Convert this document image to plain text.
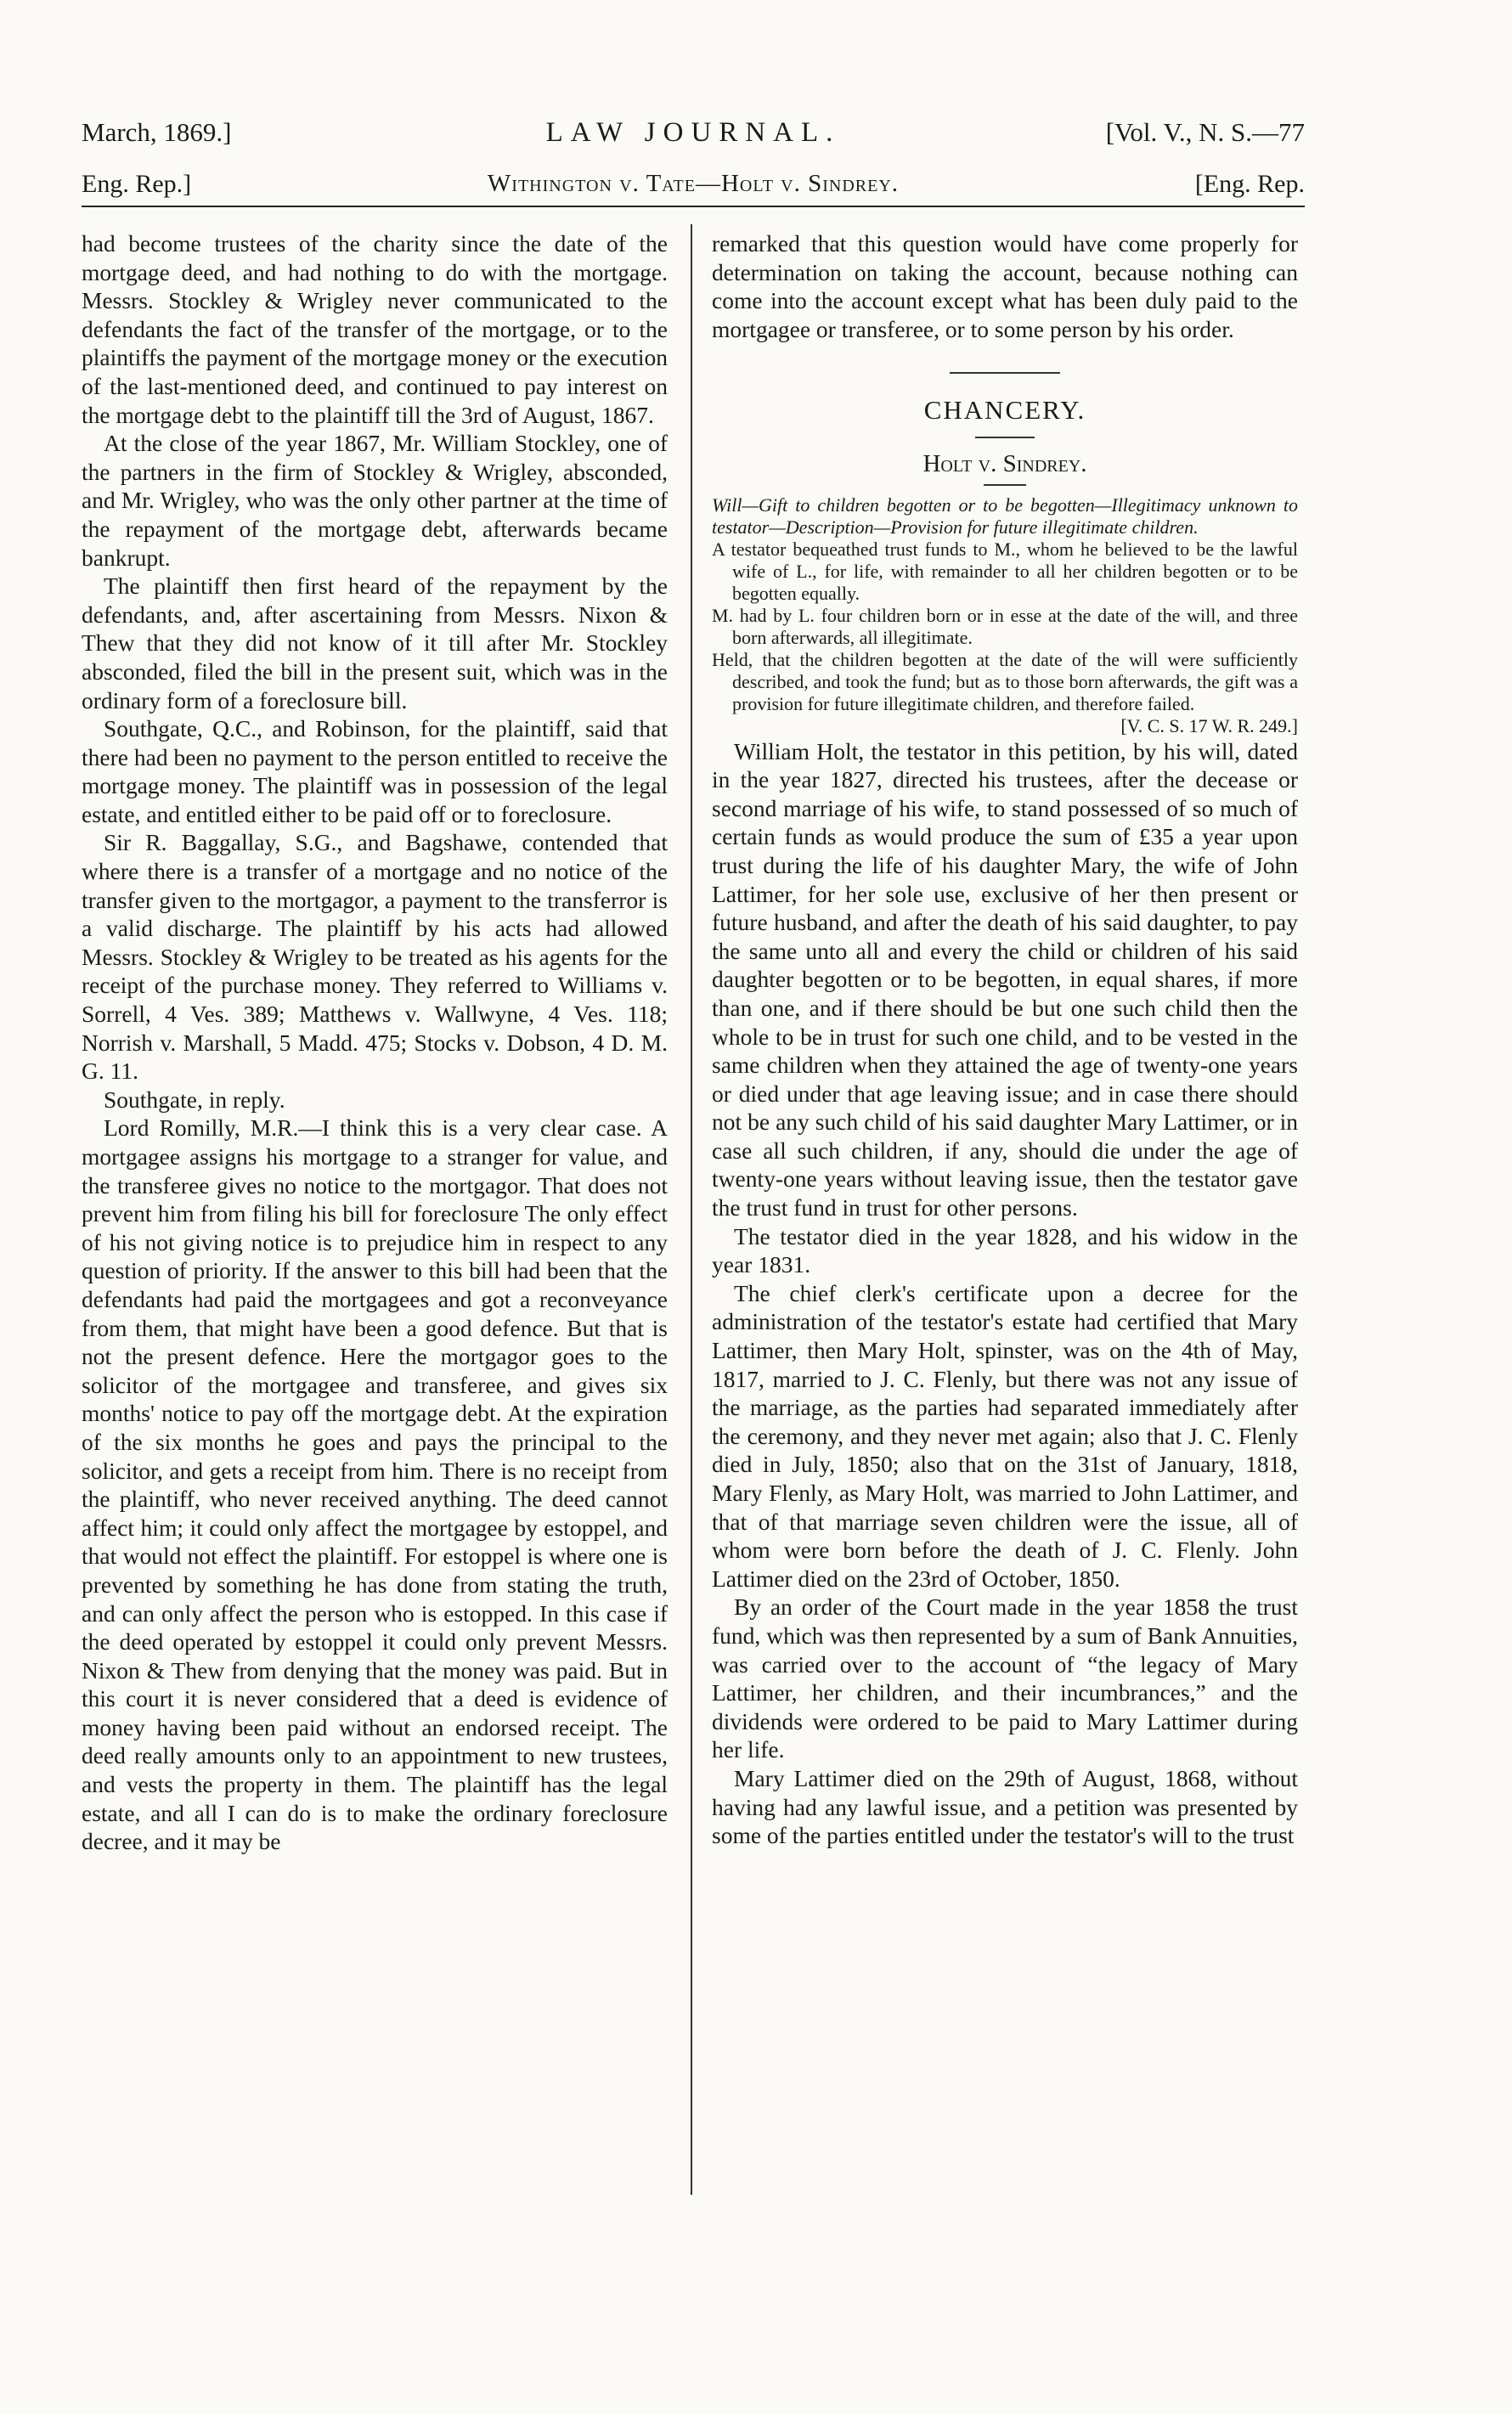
March, 1869.]	LAW JOURNAL.	[Vol. V., N. S.—77
Eng. Rep.]	Withington v. Tate—Holt v. Sindrey.	[Eng. Rep.

had become trustees of the charity since the date of the mortgage deed, and had nothing to do with the mortgage. Messrs. Stockley & Wrigley never communicated to the defendants the fact of the transfer of the mortgage, or to the plaintiffs the payment of the mortgage money or the execution of the last-mentioned deed, and continued to pay interest on the mortgage debt to the plaintiff till the 3rd of August, 1867.

At the close of the year 1867, Mr. William Stockley, one of the partners in the firm of Stockley & Wrigley, absconded, and Mr. Wrigley, who was the only other partner at the time of the repayment of the mortgage debt, afterwards became bankrupt.

The plaintiff then first heard of the repayment by the defendants, and, after ascertaining from Messrs. Nixon & Thew that they did not know of it till after Mr. Stockley absconded, filed the bill in the present suit, which was in the ordinary form of a foreclosure bill.

Southgate, Q.C., and Robinson, for the plaintiff, said that there had been no payment to the person entitled to receive the mortgage money. The plaintiff was in possession of the legal estate, and entitled either to be paid off or to foreclosure.

Sir R. Baggallay, S.G., and Bagshawe, contended that where there is a transfer of a mortgage and no notice of the transfer given to the mortgagor, a payment to the transferror is a valid discharge. The plaintiff by his acts had allowed Messrs. Stockley & Wrigley to be treated as his agents for the receipt of the purchase money. They referred to Williams v. Sorrell, 4 Ves. 389; Matthews v. Wallwyne, 4 Ves. 118; Norrish v. Marshall, 5 Madd. 475; Stocks v. Dobson, 4 D. M. G. 11.

Southgate, in reply.

Lord Romilly, M.R.—I think this is a very clear case. A mortgagee assigns his mortgage to a stranger for value, and the transferee gives no notice to the mortgagor. That does not prevent him from filing his bill for foreclosure The only effect of his not giving notice is to prejudice him in respect to any question of priority. If the answer to this bill had been that the defendants had paid the mortgagees and got a reconveyance from them, that might have been a good defence. But that is not the present defence. Here the mortgagor goes to the solicitor of the mortgagee and transferee, and gives six months' notice to pay off the mortgage debt. At the expiration of the six months he goes and pays the principal to the solicitor, and gets a receipt from him. There is no receipt from the plaintiff, who never received anything. The deed cannot affect him; it could only affect the mortgagee by estoppel, and that would not effect the plaintiff. For estoppel is where one is prevented by something he has done from stating the truth, and can only affect the person who is estopped. In this case if the deed operated by estoppel it could only prevent Messrs. Nixon & Thew from denying that the money was paid. But in this court it is never considered that a deed is evidence of money having been paid without an endorsed receipt. The deed really amounts only to an appointment to new trustees, and vests the property in them. The plaintiff has the legal estate, and all I can do is to make the ordinary foreclosure decree, and it may be

remarked that this question would have come properly for determination on taking the account, because nothing can come into the account except what has been duly paid to the mortgagee or transferee, or to some person by his order.

CHANCERY.
Holt v. Sindrey.

Will—Gift to children begotten or to be begotten—Illegitimacy unknown to testator—Description—Provision for future illegitimate children.

A testator bequeathed trust funds to M., whom he believed to be the lawful wife of L., for life, with remainder to all her children begotten or to be begotten equally.

M. had by L. four children born or in esse at the date of the will, and three born afterwards, all illegitimate.

Held, that the children begotten at the date of the will were sufficiently described, and took the fund; but as to those born afterwards, the gift was a provision for future illegitimate children, and therefore failed.

[V. C. S. 17 W. R. 249.]

William Holt, the testator in this petition, by his will, dated in the year 1827, directed his trustees, after the decease or second marriage of his wife, to stand possessed of so much of certain funds as would produce the sum of £35 a year upon trust during the life of his daughter Mary, the wife of John Lattimer, for her sole use, exclusive of her then present or future husband, and after the death of his said daughter, to pay the same unto all and every the child or children of his said daughter begotten or to be begotten, in equal shares, if more than one, and if there should be but one such child then the whole to be in trust for such one child, and to be vested in the same children when they attained the age of twenty-one years or died under that age leaving issue; and in case there should not be any such child of his said daughter Mary Lattimer, or in case all such children, if any, should die under the age of twenty-one years without leaving issue, then the testator gave the trust fund in trust for other persons.

The testator died in the year 1828, and his widow in the year 1831.

The chief clerk's certificate upon a decree for the administration of the testator's estate had certified that Mary Lattimer, then Mary Holt, spinster, was on the 4th of May, 1817, married to J. C. Flenly, but there was not any issue of the marriage, as the parties had separated immediately after the ceremony, and they never met again; also that J. C. Flenly died in July, 1850; also that on the 31st of January, 1818, Mary Flenly, as Mary Holt, was married to John Lattimer, and that of that marriage seven children were the issue, all of whom were born before the death of J. C. Flenly. John Lattimer died on the 23rd of October, 1850.

By an order of the Court made in the year 1858 the trust fund, which was then represented by a sum of Bank Annuities, was carried over to the account of “the legacy of Mary Lattimer, her children, and their incumbrances,” and the dividends were ordered to be paid to Mary Lattimer during her life.

Mary Lattimer died on the 29th of August, 1868, without having had any lawful issue, and a petition was presented by some of the parties entitled under the testator's will to the trust
